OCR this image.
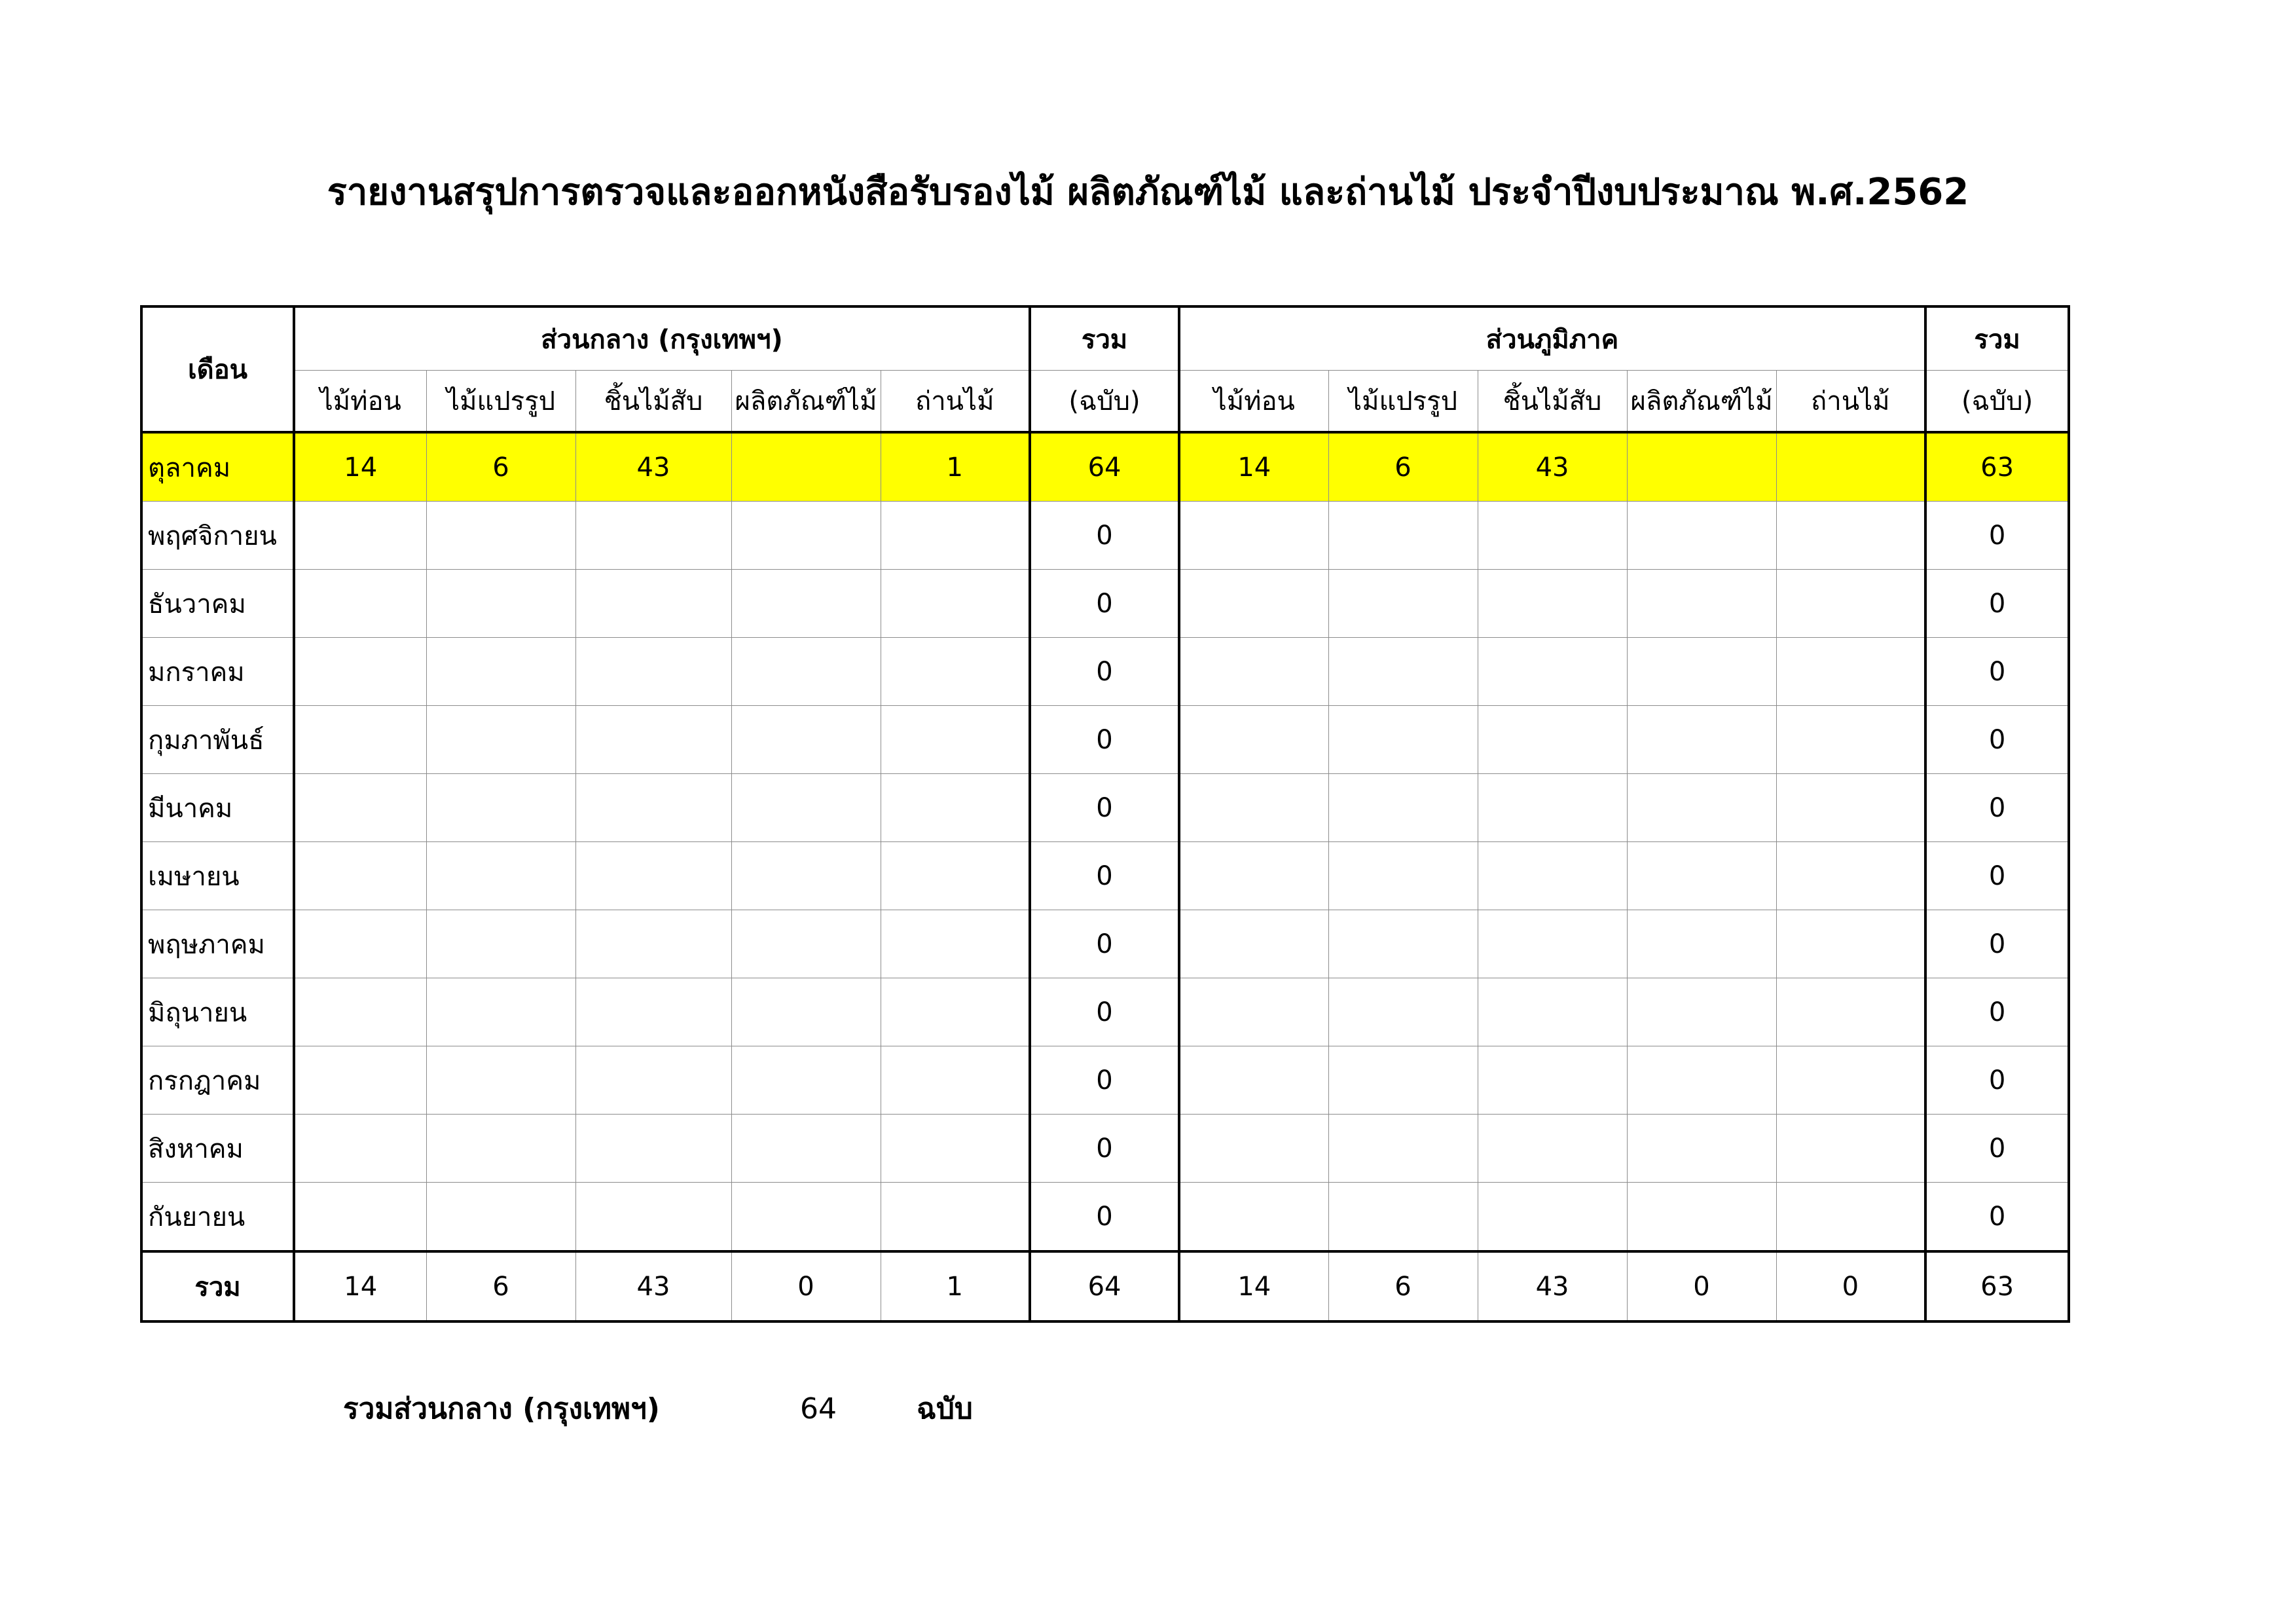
รายงานสรุปการตรวจและออกหนังสือรับรองไม้ ผลิตภัณฑ์ไม้ และถ่านไม้ ประจำปีงบประมาณ พ.ศ.2562
เดือน	ส่วนกลาง (กรุงเทพฯ)					รวม	ส่วนภูมิภาค					รวม
	ไม้ท่อน	ไม้แปรรูป	ชิ้นไม้สับ	ผลิตภัณฑ์ไม้	ถ่านไม้	(ฉบับ)	ไม้ท่อน	ไม้แปรรูป	ชิ้นไม้สับ	ผลิตภัณฑ์ไม้	ถ่านไม้	(ฉบับ)
ตุลาคม	14	6	43		1	64	14	6	43			63
พฤศจิกายน						0						0
ธันวาคม						0						0
มกราคม						0						0
กุมภาพันธ์						0						0
มีนาคม						0						0
เมษายน						0						0
พฤษภาคม						0						0
มิถุนายน						0						0
กรกฎาคม						0						0
สิงหาคม						0						0
กันยายน						0						0
รวม	14	6	43	0	1	64	14	6	43	0	0	63
รวมส่วนกลาง (กรุงเทพฯ)	64	ฉบับ
